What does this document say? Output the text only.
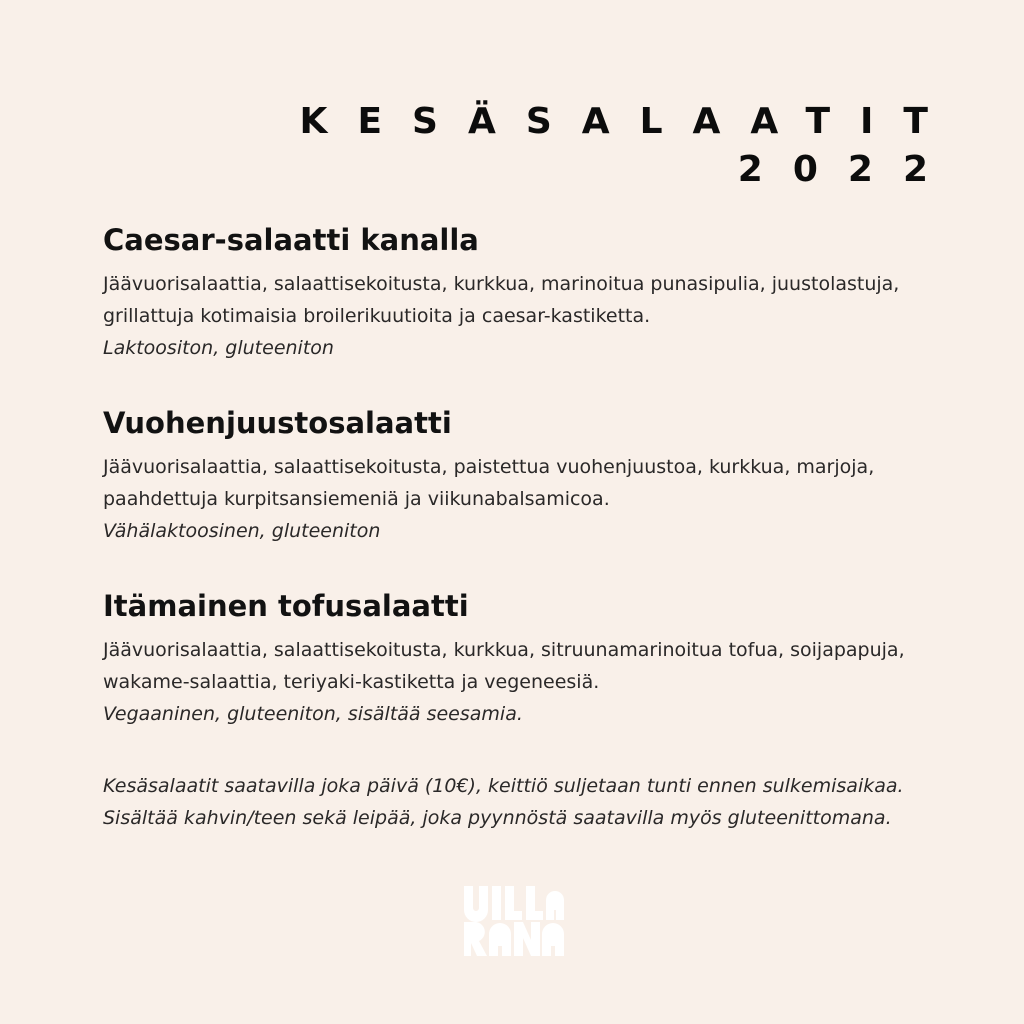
KESÄSALAATIT
2022
Caesar-salaatti kanalla

Jäävuorisalaattia, salaattisekoitusta, kurkkua, marinoitua punasipulia, juustolastuja, grillattuja kotimaisia broilerikuutioita ja caesar-kastiketta.
Laktoositon, gluteeniton

Vuohenjuustosalaatti

Jäävuorisalaattia, salaattisekoitusta, paistettua vuohenjuustoa, kurkkua, marjoja, paahdettuja kurpitsansiemeniä ja viikunabalsamicoa.
Vähälaktoosinen, gluteeniton

Itämainen tofusalaatti

Jäävuorisalaattia, salaattisekoitusta, kurkkua, sitruunamarinoitua tofua, soijapapuja, wakame-salaattia, teriyaki-kastiketta ja vegeneesiä.
Vegaaninen, gluteeniton, sisältää seesamia.

Kesäsalaatit saatavilla joka päivä (10€), keittiö suljetaan tunti ennen sulkemisaikaa. Sisältää kahvin/teen sekä leipää, joka pyynnöstä saatavilla myös gluteenittomana.
